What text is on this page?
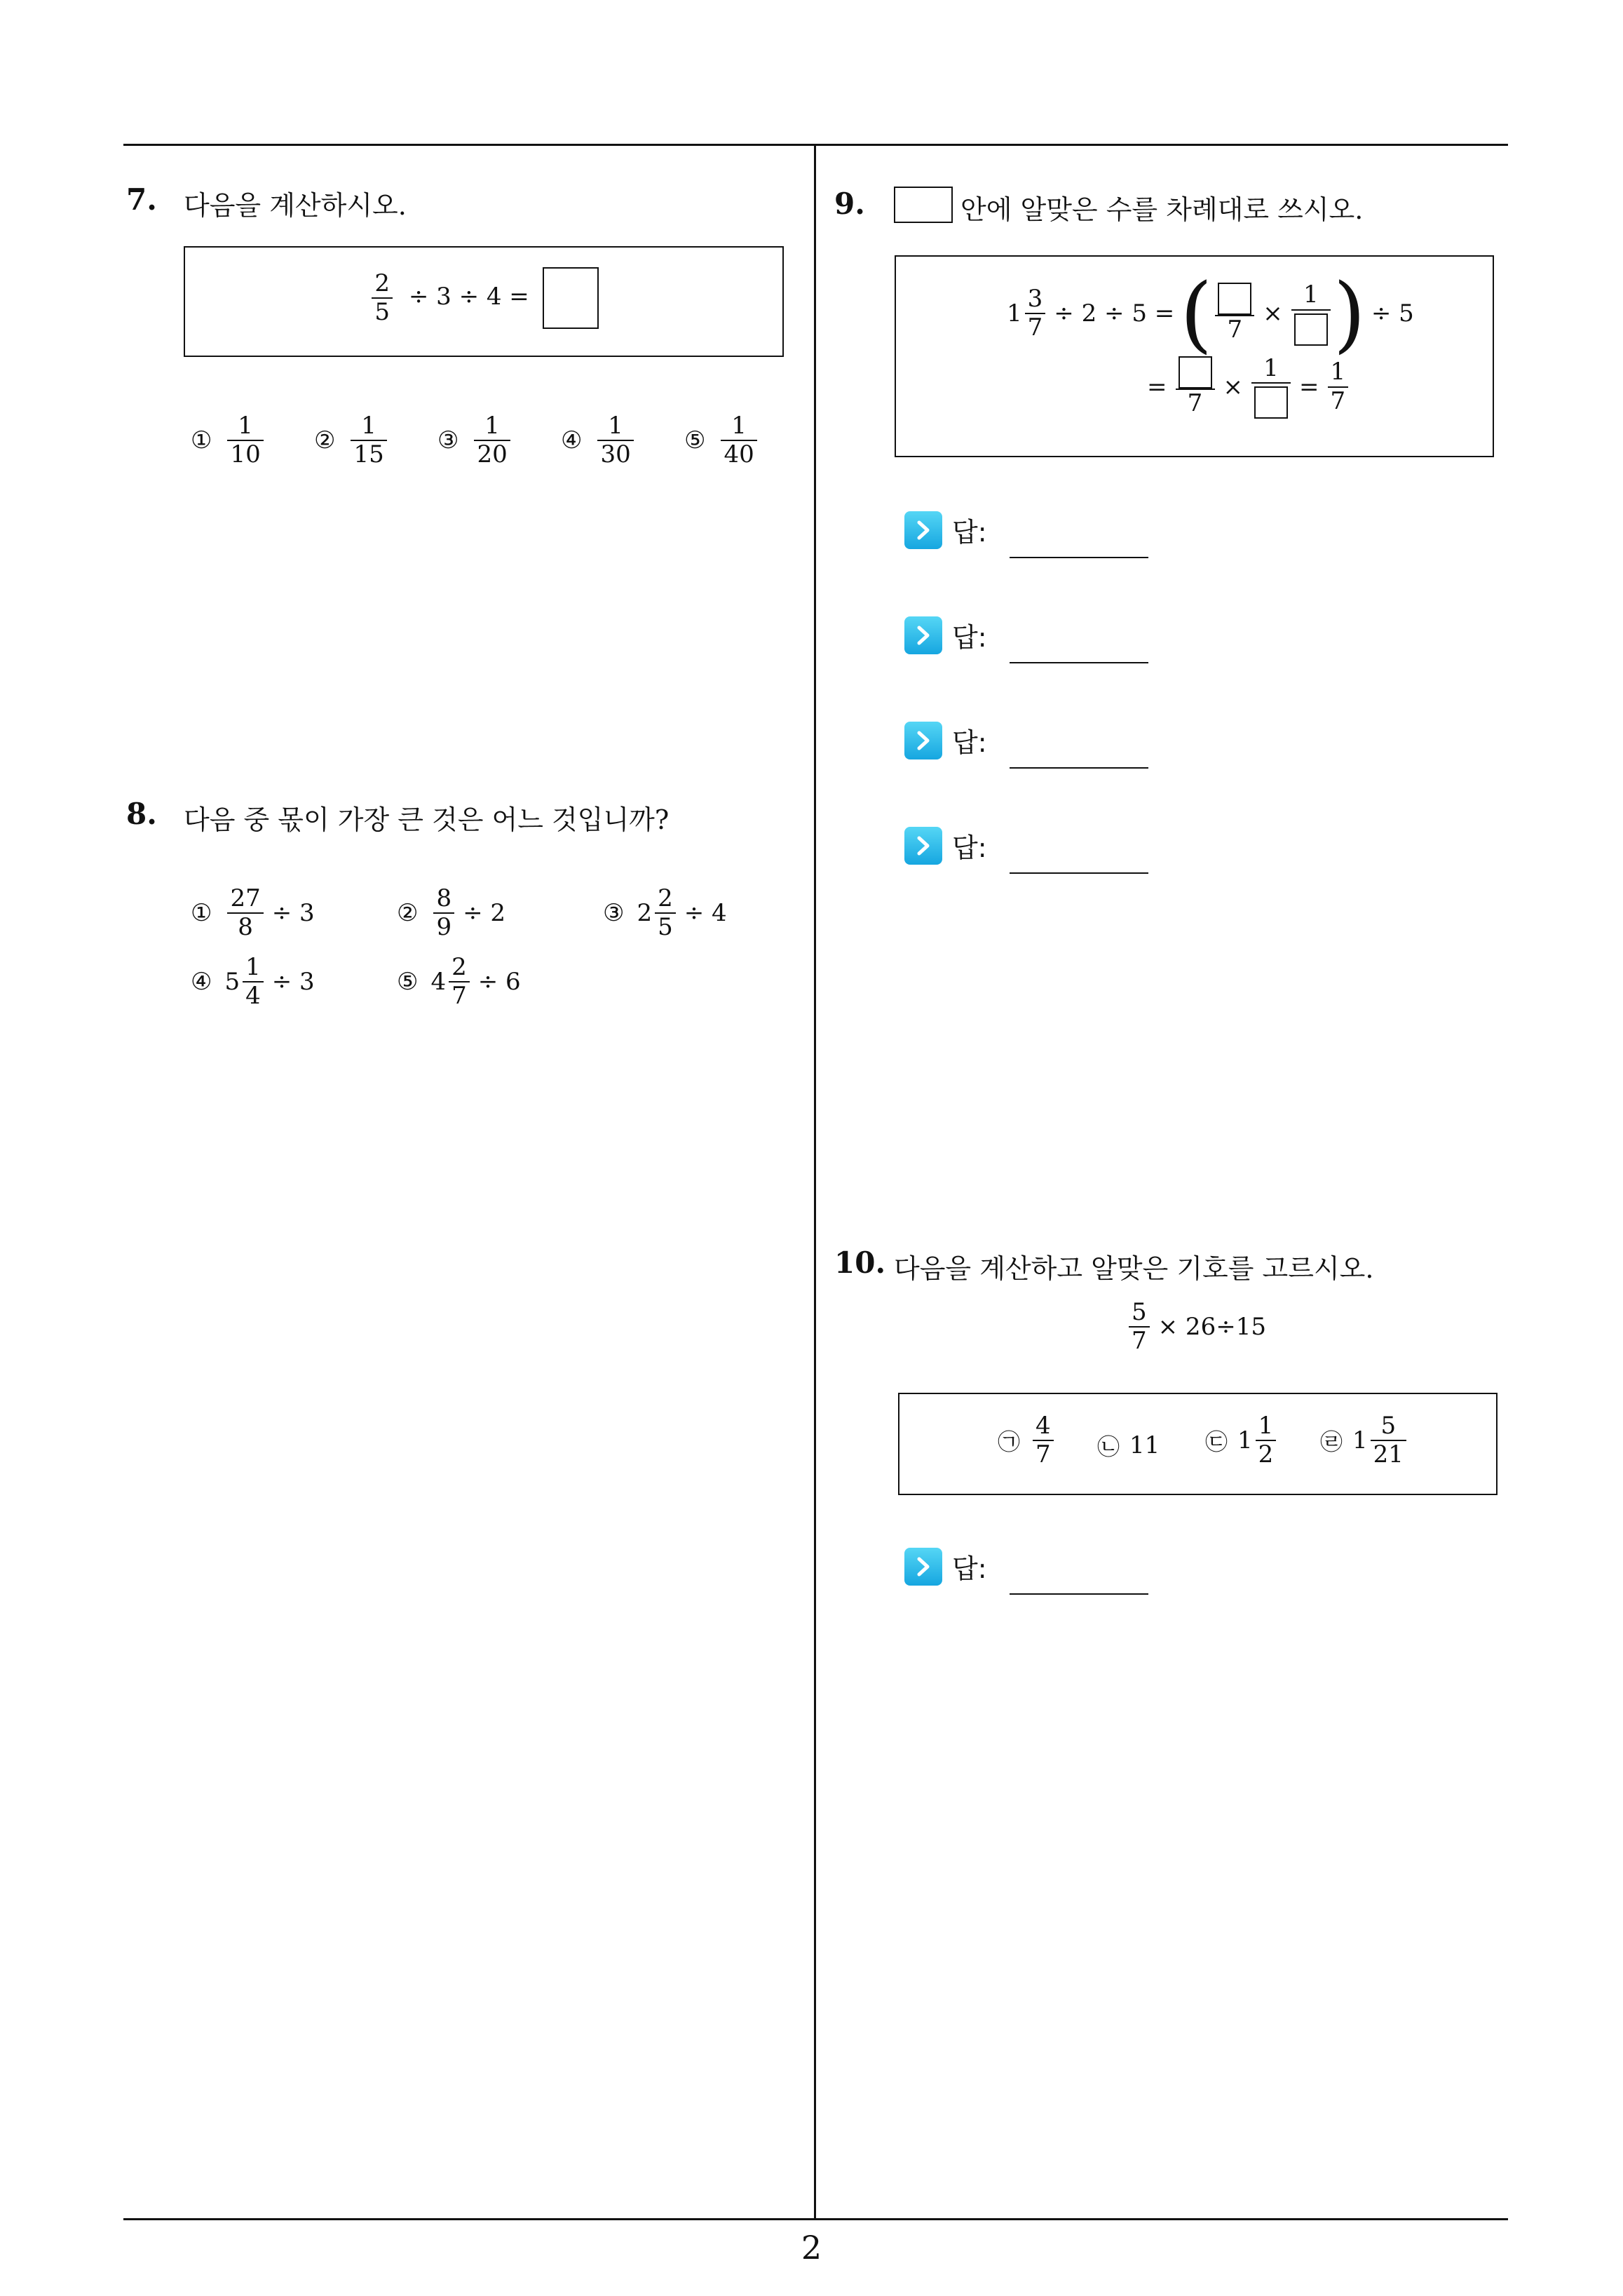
7. 다음을 계산하시오.
$\frac{2}{5} \div 3 \div 4$ =
① $\frac{1}{10}$ ② $\frac{1}{15}$ ③ $\frac{1}{20}$ ④ $\frac{1}{30}$ ⑤ $\frac{1}{40}$
8. 다음 중 몫이 가장 큰 것은 어느 것입니까?
① $\frac{27}{8} \div 3$	② $\frac{8}{9} \div 2$	③ $2 \frac{2}{5} \div 4$
④ $5 \frac{1}{4} \div 3$	⑤ $4 \frac{2}{7} \div 6$
9.	안에 알맞은 수를 차례대로 쓰시오.
$1 \frac{3}{7} \div 2 \div 5$ = ( 7
×
1 ) ÷ 5
=
7
×
1
= $\frac{1}{7}$
답:
답:
답:
답:
10. 다음을 계산하고 알맞은 기호를 고르시오.
$\frac{5}{7} \times 26\div 15$
㉠ $\frac{4}{7}$ ㉡ 11 ㉢ $1 \frac{1}{2}$ ㉣ $1 \frac{5}{21}$
답:
2
